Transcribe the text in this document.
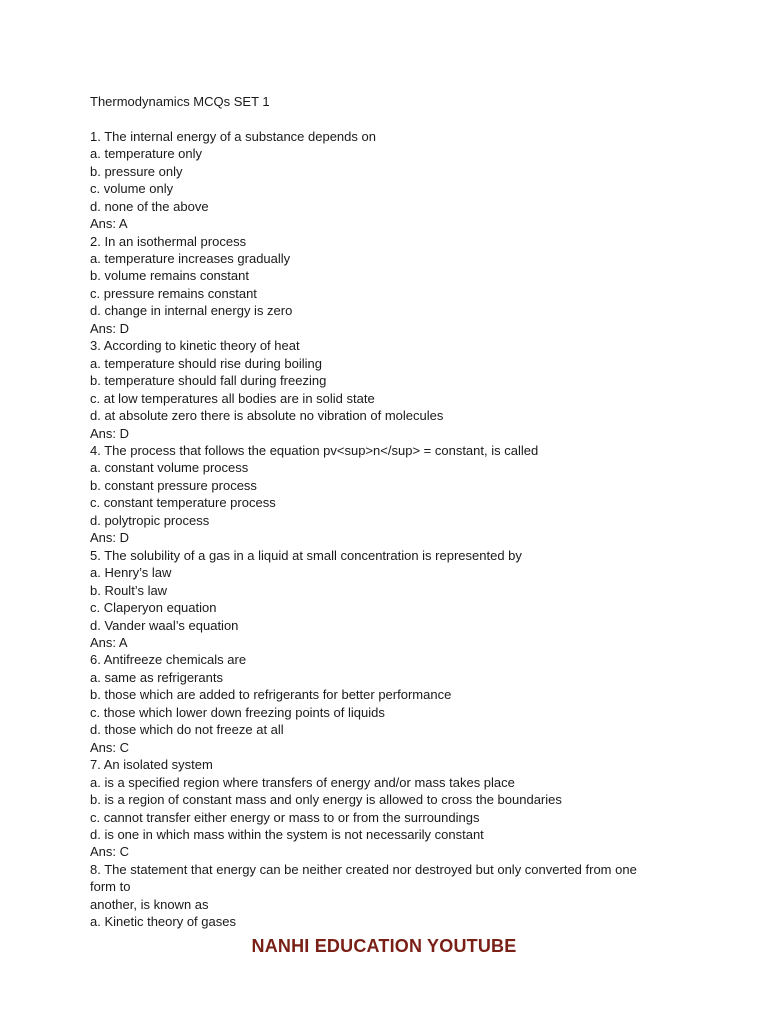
Thermodynamics MCQs SET 1
1. The internal energy of a substance depends on
a. temperature only
b. pressure only
c. volume only
d. none of the above
Ans: A
2. In an isothermal process
a. temperature increases gradually
b. volume remains constant
c. pressure remains constant
d. change in internal energy is zero
Ans: D
3. According to kinetic theory of heat
a. temperature should rise during boiling
b. temperature should fall during freezing
c. at low temperatures all bodies are in solid state
d. at absolute zero there is absolute no vibration of molecules
Ans: D
4. The process that follows the equation pv<sup>n</sup> = constant, is called
a. constant volume process
b. constant pressure process
c. constant temperature process
d. polytropic process
Ans: D
5. The solubility of a gas in a liquid at small concentration is represented by
a. Henry’s law
b. Roult’s law
c. Claperyon equation
d. Vander waal’s equation
Ans: A
6. Antifreeze chemicals are
a. same as refrigerants
b. those which are added to refrigerants for better performance
c. those which lower down freezing points of liquids
d. those which do not freeze at all
Ans: C
7. An isolated system
a. is a specified region where transfers of energy and/or mass takes place
b. is a region of constant mass and only energy is allowed to cross the boundaries
c. cannot transfer either energy or mass to or from the surroundings
d. is one in which mass within the system is not necessarily constant
Ans: C
8. The statement that energy can be neither created nor destroyed but only converted from one
form to
another, is known as
a. Kinetic theory of gases
NANHI EDUCATION YOUTUBE
